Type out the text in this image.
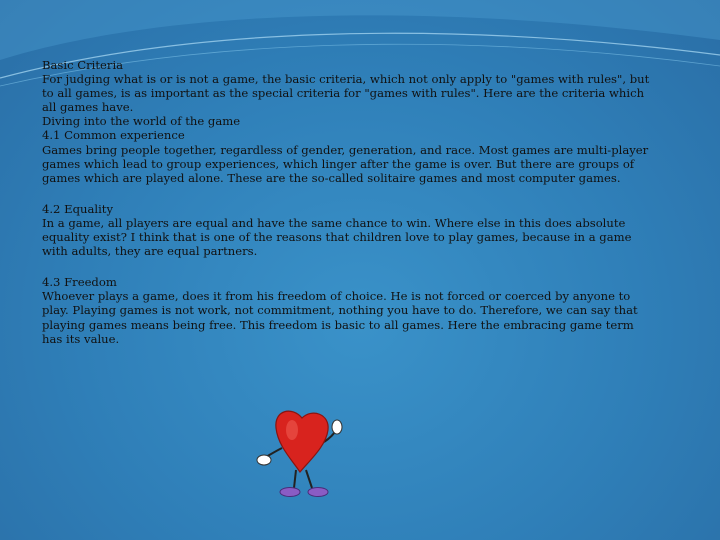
Basic Criteria

For judging what is or is not a game, the basic criteria, which not only apply to "games with rules", but to all games, is as important as the special criteria for "games with rules". Here are the criteria which all games have.

Diving into the world of the game

4.1 Common experience

Games bring people together, regardless of gender, generation, and race. Most games are multi-player games which lead to group experiences, which linger after the game is over. But there are groups of games which are played alone. These are the so-called solitaire games and most computer games.

4.2 Equality

In a game, all players are equal and have the same chance to win. Where else in this does absolute equality exist? I think that is one of the reasons that children love to play games, because in a game with adults, they are equal partners.

4.3 Freedom

Whoever plays a game, does it from his freedom of choice. He is not forced or coerced by anyone to play. Playing games is not work, not commitment, nothing you have to do. Therefore, we can say that playing games means being free. This freedom is basic to all games. Here the embracing game term has its value.
